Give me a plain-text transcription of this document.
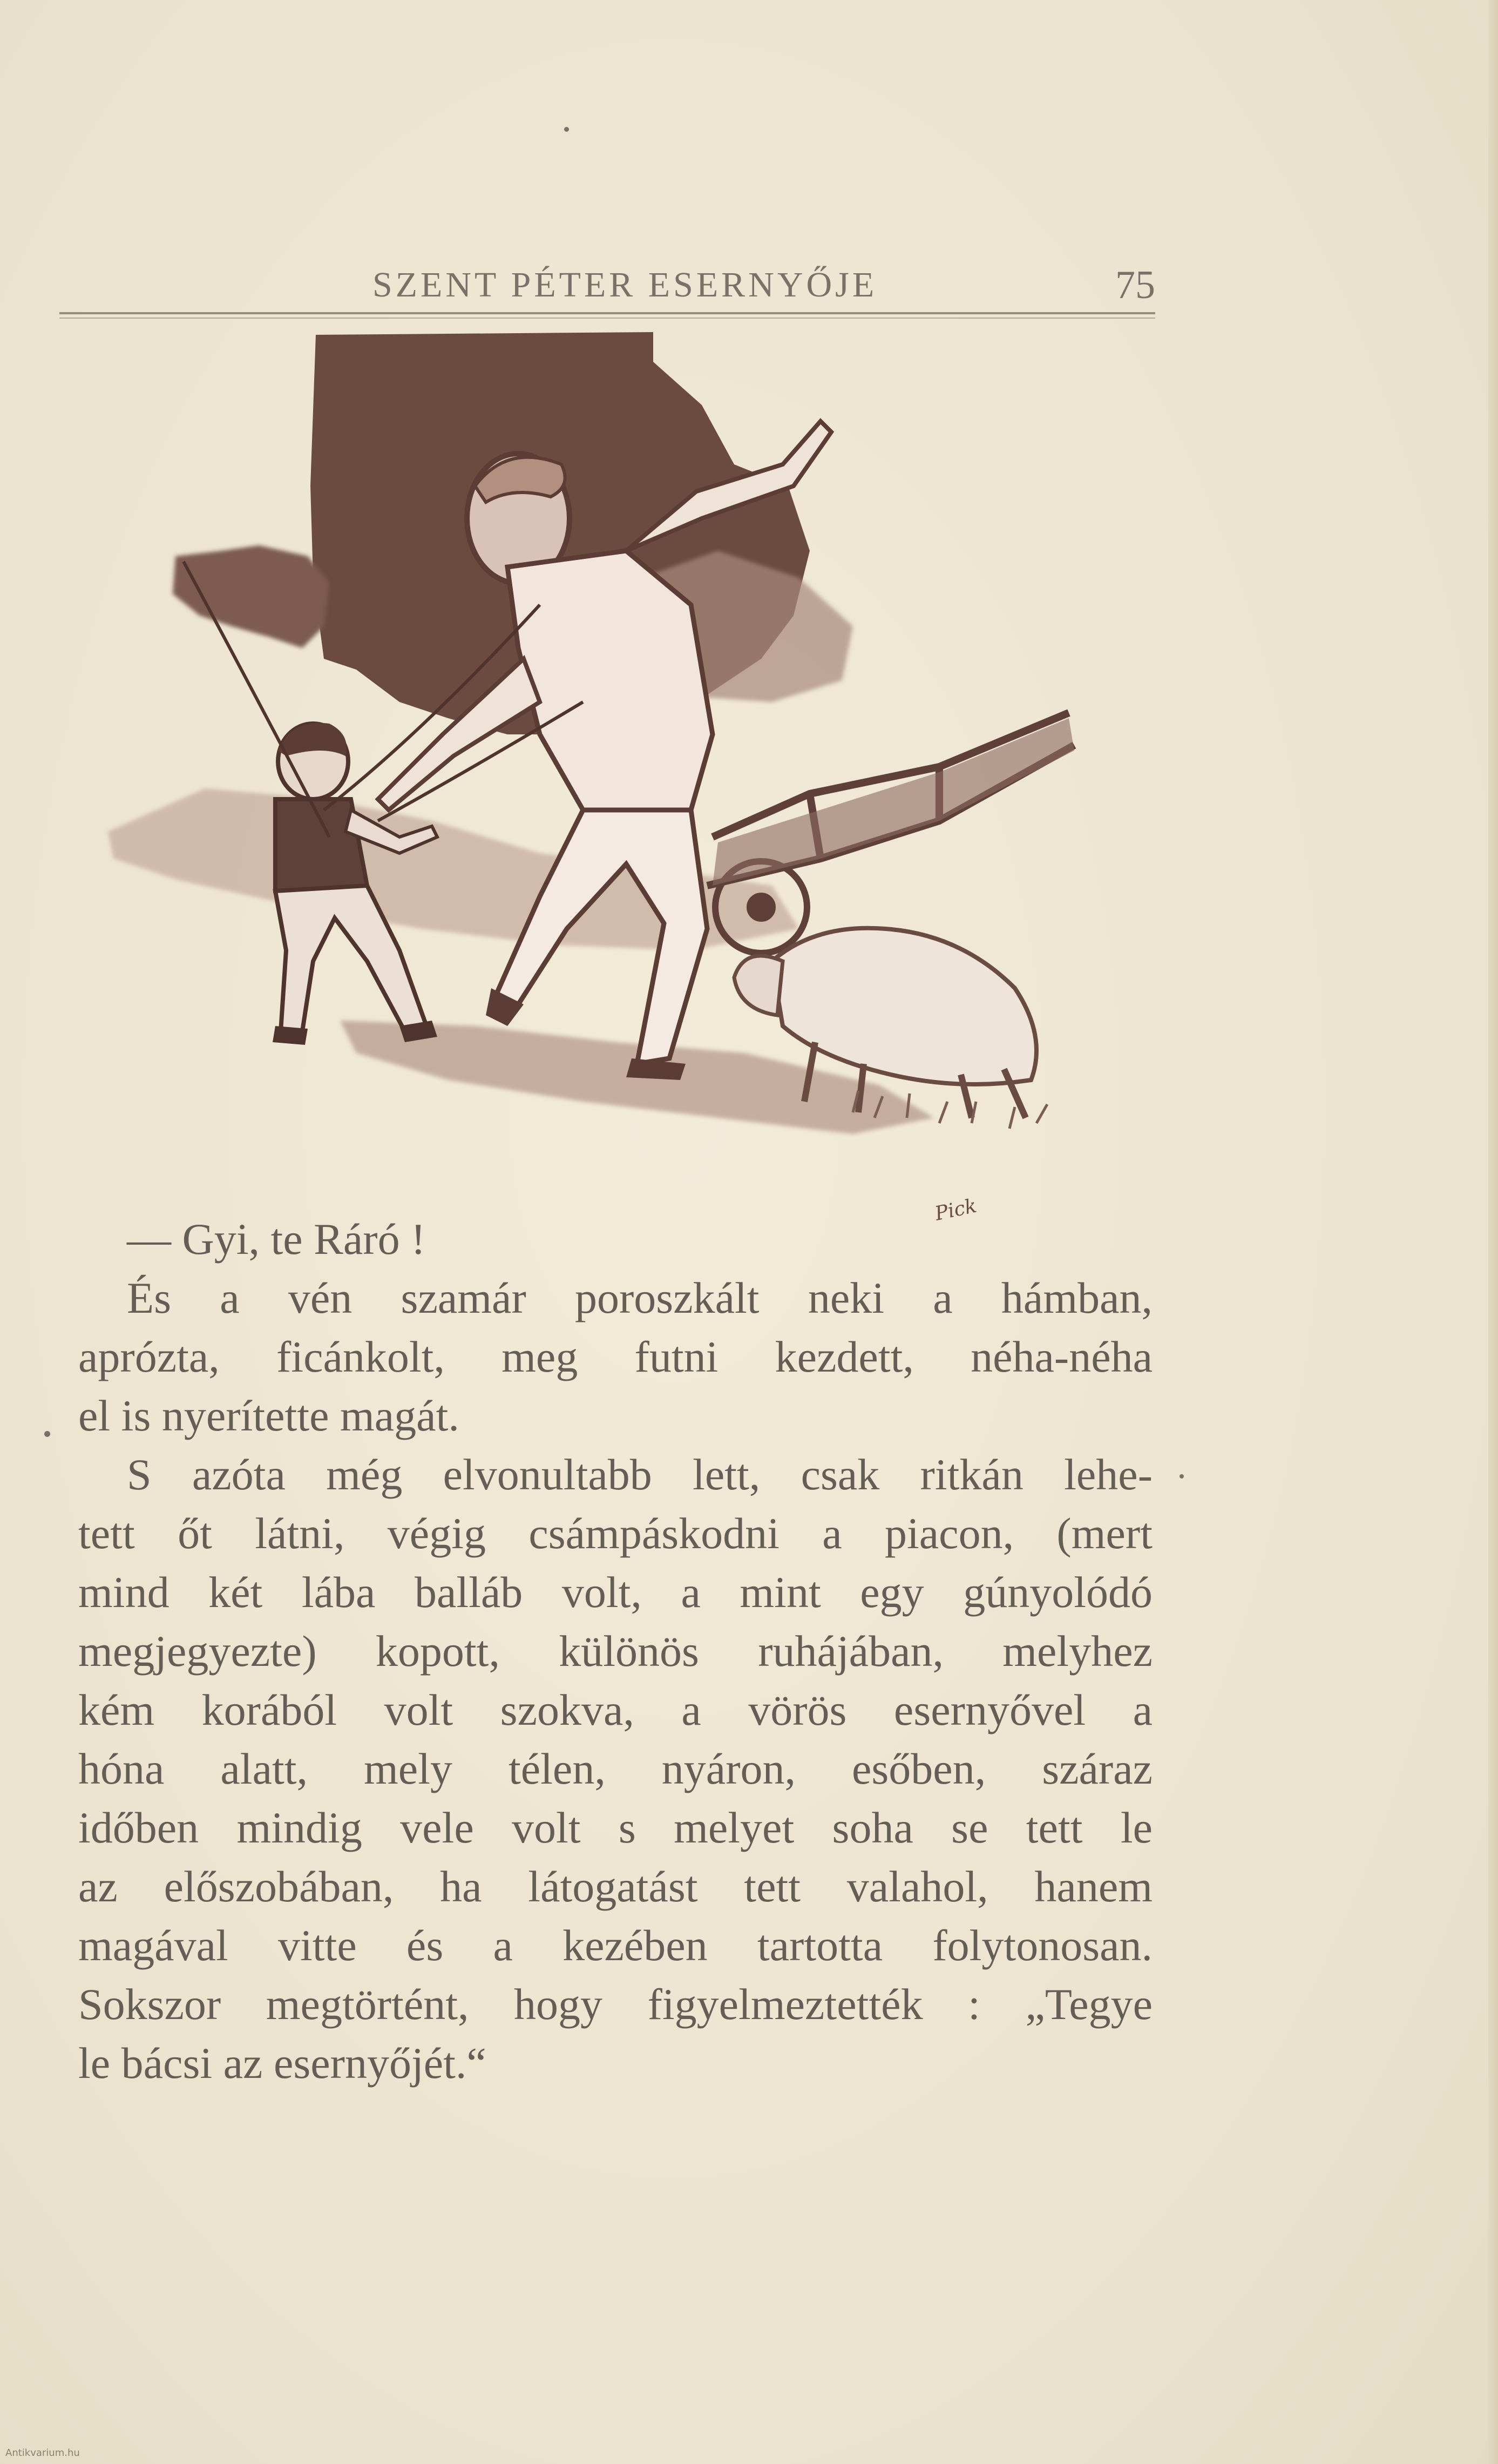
SZENT PÉTER ESERNYŐJE	75
Pick
— Gyi, te Ráró !
És a vén szamár poroszkált neki a hámban,
aprózta, ficánkolt, meg futni kezdett, néha-néha
el is nyerítette magát.
S azóta még elvonultabb lett, csak ritkán lehe-
tett őt látni, végig csámpáskodni a piacon, (mert
mind két lába balláb volt, a mint egy gúnyolódó
megjegyezte) kopott, különös ruhájában, melyhez
kém korából volt szokva, a vörös esernyővel a
hóna alatt, mely télen, nyáron, esőben, száraz
időben mindig vele volt s melyet soha se tett le
az előszobában, ha látogatást tett valahol, hanem
magával vitte és a kezében tartotta folytonosan.
Sokszor megtörtént, hogy figyelmeztették : „Tegye
le bácsi az esernyőjét.“
Antikvarium.hu
